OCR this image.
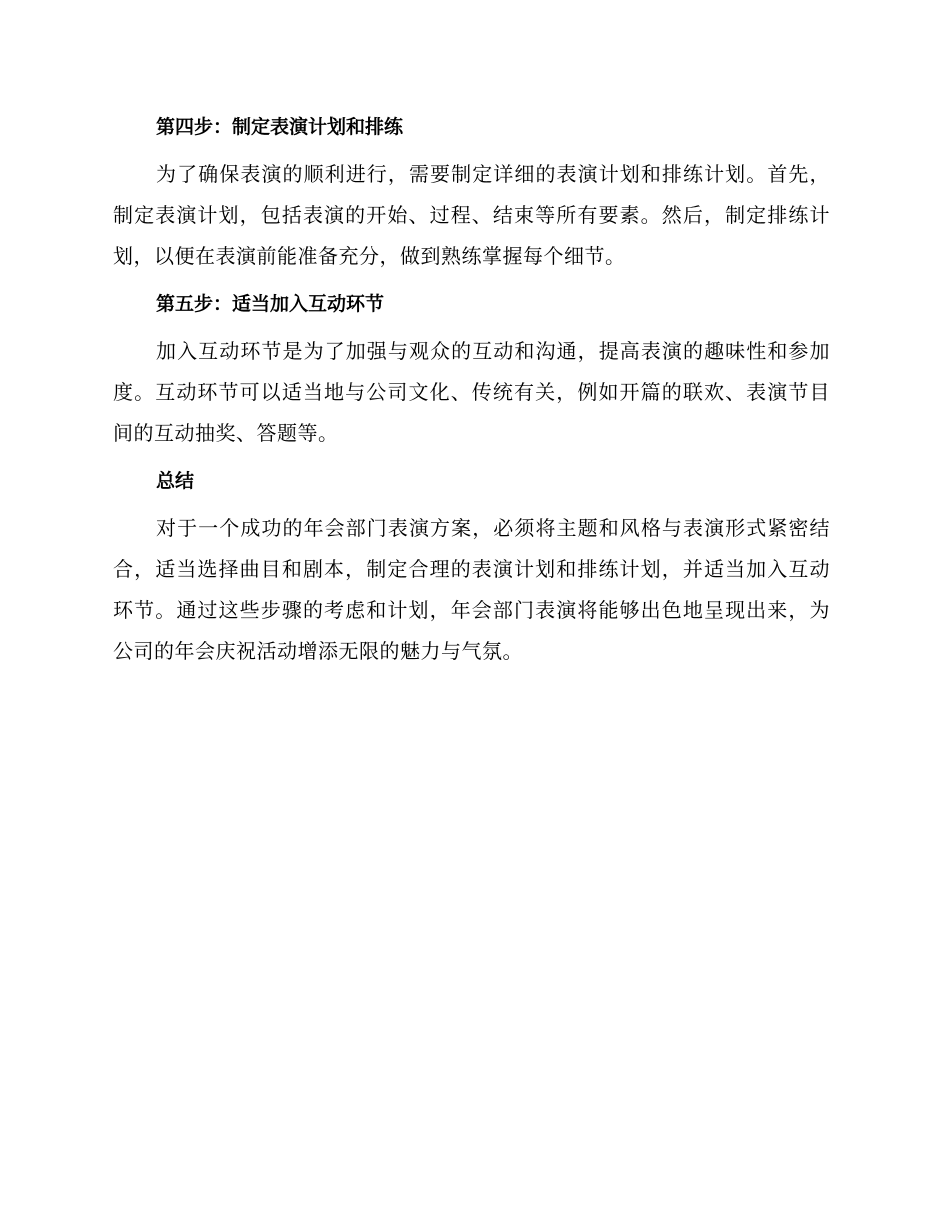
第四步：制定表演计划和排练

为了确保表演的顺利进行，需要制定详细的表演计划和排练计划。首先，制定表演计划，包括表演的开始、过程、结束等所有要素。然后，制定排练计划，以便在表演前能准备充分，做到熟练掌握每个细节。

第五步：适当加入互动环节

加入互动环节是为了加强与观众的互动和沟通，提高表演的趣味性和参加度。互动环节可以适当地与公司文化、传统有关，例如开篇的联欢、表演节目间的互动抽奖、答题等。

总结

对于一个成功的年会部门表演方案，必须将主题和风格与表演形式紧密结合，适当选择曲目和剧本，制定合理的表演计划和排练计划，并适当加入互动环节。通过这些步骤的考虑和计划，年会部门表演将能够出色地呈现出来，为公司的年会庆祝活动增添无限的魅力与气氛。
